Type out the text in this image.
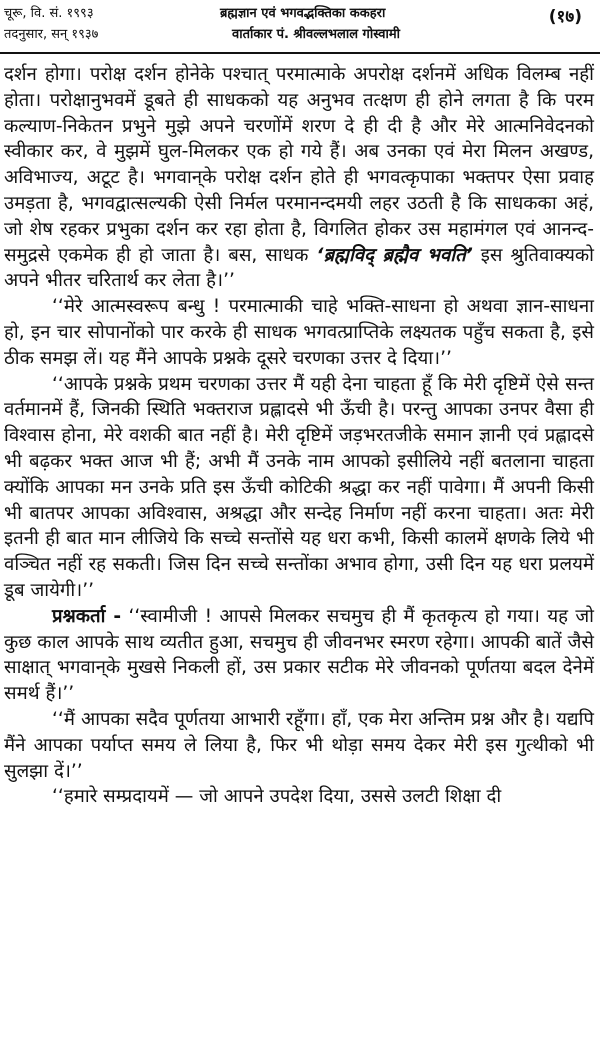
चूरू, वि. सं. १९९३
तदनुसार, सन् १९३७
ब्रह्मज्ञान एवं भगवद्भक्तिका ककहरा
वार्ताकार पं. श्रीवल्लभलाल गोस्वामी
(१७)

दर्शन होगा। परोक्ष दर्शन होनेके पश्चात् परमात्माके अपरोक्ष दर्शनमें अधिक विलम्ब नहीं होता। परोक्षानुभवमें डूबते ही साधकको यह अनुभव तत्क्षण ही होने लगता है कि परम कल्याण-निकेतन प्रभुने मुझे अपने चरणोंमें शरण दे ही दी है और मेरे आत्मनिवेदनको स्वीकार कर, वे मुझमें घुल-मिलकर एक हो गये हैं। अब उनका एवं मेरा मिलन अखण्ड, अविभाज्य, अटूट है। भगवान्‌के परोक्ष दर्शन होते ही भगवत्कृपाका भक्तपर ऐसा प्रवाह उमड़ता है, भगवद्वात्सल्यकी ऐसी निर्मल परमानन्दमयी लहर उठती है कि साधकका अहं, जो शेष रहकर प्रभुका दर्शन कर रहा होता है, विगलित होकर उस महामंगल एवं आनन्द-समुद्रसे एकमेक ही हो जाता है। बस, साधक ‘ब्रह्मविद् ब्रह्मैव भवति’ इस श्रुतिवाक्यको अपने भीतर चरितार्थ कर लेता है।’’

‘‘मेरे आत्मस्वरूप बन्धु ! परमात्माकी चाहे भक्ति-साधना हो अथवा ज्ञान-साधना हो, इन चार सोपानोंको पार करके ही साधक भगवत्प्राप्तिके लक्ष्यतक पहुँच सकता है, इसे ठीक समझ लें। यह मैंने आपके प्रश्नके दूसरे चरणका उत्तर दे दिया।’’

‘‘आपके प्रश्नके प्रथम चरणका उत्तर मैं यही देना चाहता हूँ कि मेरी दृष्टिमें ऐसे सन्त वर्तमानमें हैं, जिनकी स्थिति भक्तराज प्रह्लादसे भी ऊँची है। परन्तु आपका उनपर वैसा ही विश्वास होना, मेरे वशकी बात नहीं है। मेरी दृष्टिमें जड़भरतजीके समान ज्ञानी एवं प्रह्लादसे भी बढ़कर भक्त आज भी हैं; अभी मैं उनके नाम आपको इसीलिये नहीं बतलाना चाहता क्योंकि आपका मन उनके प्रति इस ऊँची कोटिकी श्रद्धा कर नहीं पावेगा। मैं अपनी किसी भी बातपर आपका अविश्वास, अश्रद्धा और सन्देह निर्माण नहीं करना चाहता। अतः मेरी इतनी ही बात मान लीजिये कि सच्चे सन्तोंसे यह धरा कभी, किसी कालमें क्षणके लिये भी वञ्चित नहीं रह सकती। जिस दिन सच्चे सन्तोंका अभाव होगा, उसी दिन यह धरा प्रलयमें डूब जायेगी।’’

प्रश्नकर्ता - ‘‘स्वामीजी ! आपसे मिलकर सचमुच ही मैं कृतकृत्य हो गया। यह जो कुछ काल आपके साथ व्यतीत हुआ, सचमुच ही जीवनभर स्मरण रहेगा। आपकी बातें जैसे साक्षात् भगवान्‌के मुखसे निकली हों, उस प्रकार सटीक मेरे जीवनको पूर्णतया बदल देनेमें समर्थ हैं।’’

‘‘मैं आपका सदैव पूर्णतया आभारी रहूँगा। हाँ, एक मेरा अन्तिम प्रश्न और है। यद्यपि मैंने आपका पर्याप्त समय ले लिया है, फिर भी थोड़ा समय देकर मेरी इस गुत्थीको भी सुलझा दें।’’

‘‘हमारे सम्प्रदायमें — जो आपने उपदेश दिया, उससे उलटी शिक्षा दी
